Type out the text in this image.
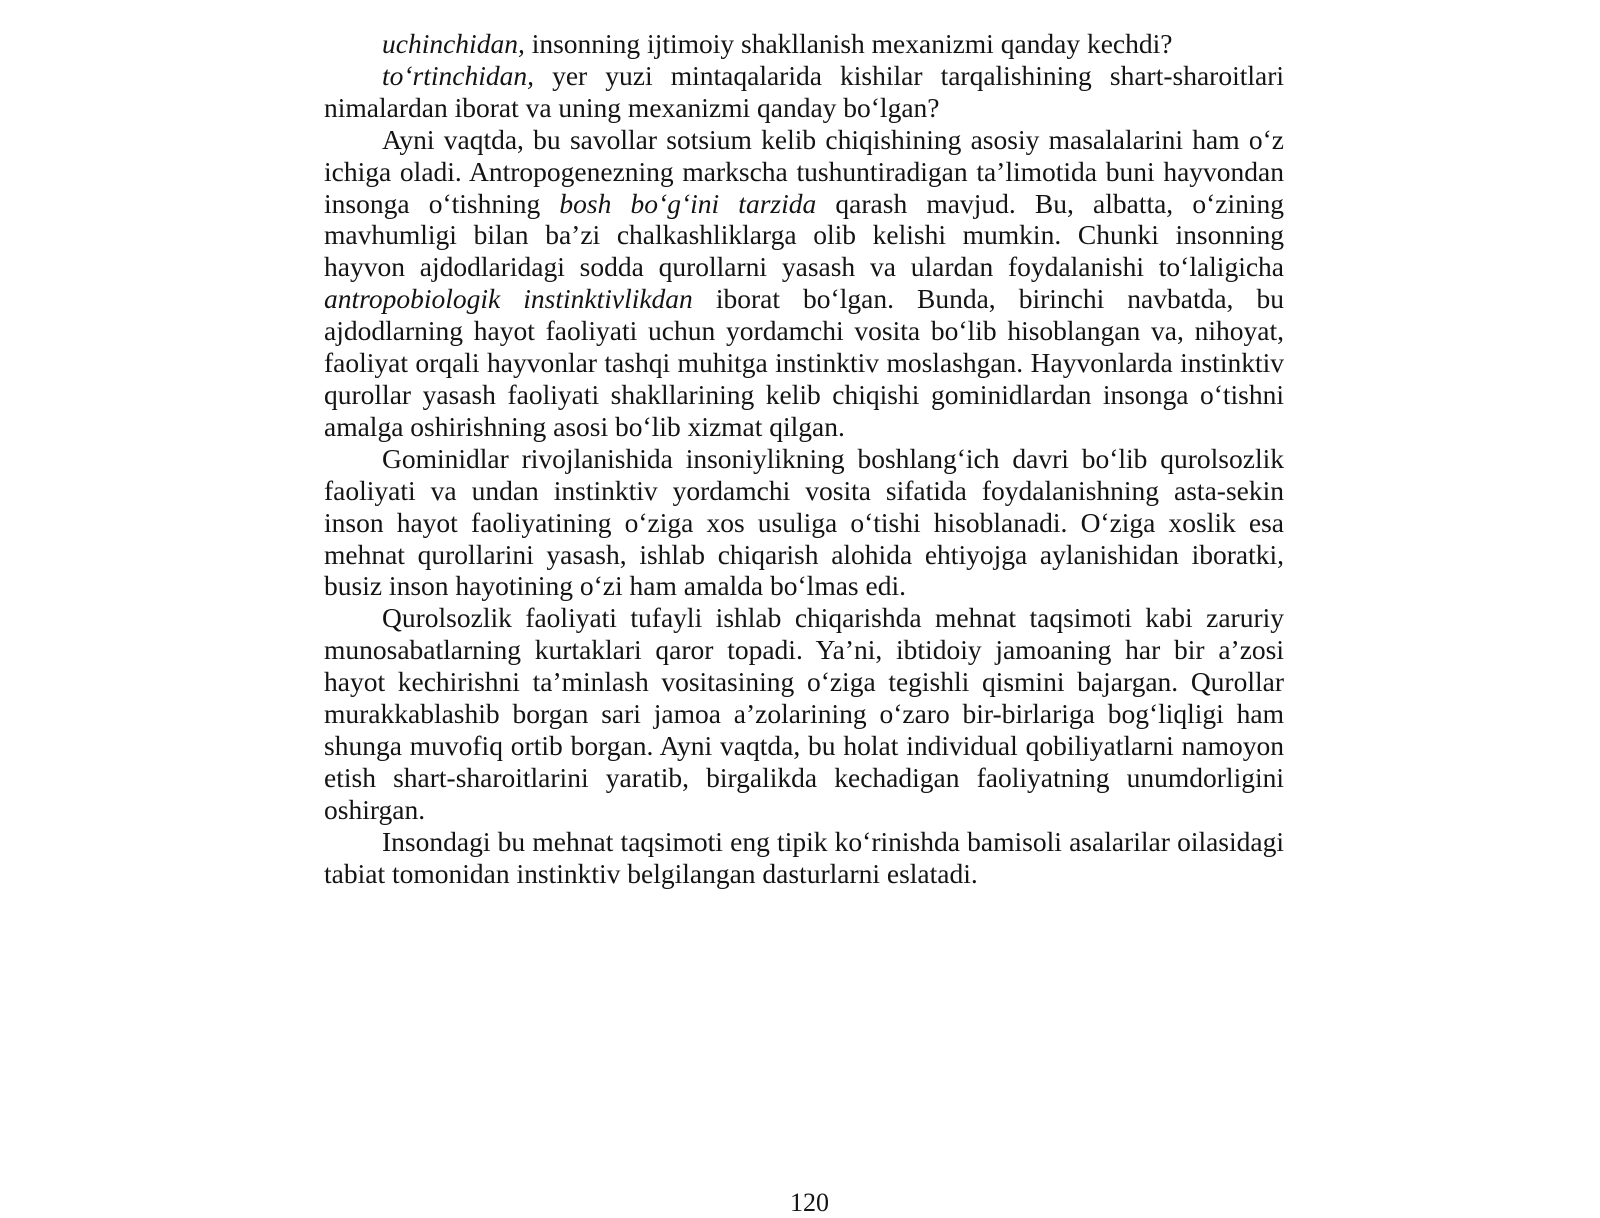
uchinchidan, insonning ijtimoiy shakllanish mexanizmi qanday kechdi?

to‘rtinchidan, yer yuzi mintaqalarida kishilar tarqalishining shart-sharoitlari nimalardan iborat va uning mexanizmi qanday bo‘lgan?

Ayni vaqtda, bu savollar sotsium kelib chiqishining asosiy masalalarini ham o‘z ichiga oladi. Antropogenezning markscha tushuntiradigan ta’limotida buni hayvondan insonga o‘tishning bosh bo‘g‘ini tarzida qarash mavjud. Bu, albatta, o‘zining mavhumligi bilan ba’zi chalkashliklarga olib kelishi mumkin. Chunki insonning hayvon ajdodlaridagi sodda qurollarni yasash va ulardan foydalanishi to‘laligicha antropobiologik instinktivlikdan iborat bo‘lgan. Bunda, birinchi navbatda, bu ajdodlarning hayot faoliyati uchun yordamchi vosita bo‘lib hisoblangan va, nihoyat, faoliyat orqali hayvonlar tashqi muhitga instinktiv moslashgan. Hayvonlarda instinktiv qurollar yasash faoliyati shakllarining kelib chiqishi gominidlardan insonga o‘tishni amalga oshirishning asosi bo‘lib xizmat qilgan.

Gominidlar rivojlanishida insoniylikning boshlang‘ich davri bo‘lib qurolsozlik faoliyati va undan instinktiv yordamchi vosita sifatida foydalanishning asta-sekin inson hayot faoliyatining o‘ziga xos usuliga o‘tishi hisoblanadi. O‘ziga xoslik esa mehnat qurollarini yasash, ishlab chiqarish alohida ehtiyojga aylanishidan iboratki, busiz inson hayotining o‘zi ham amalda bo‘lmas edi.

Qurolsozlik faoliyati tufayli ishlab chiqarishda mehnat taqsimoti kabi zaruriy munosabatlarning kurtaklari qaror topadi. Ya’ni, ibtidoiy jamoaning har bir a’zosi hayot kechirishni ta’minlash vositasining o‘ziga tegishli qismini bajargan. Qurollar murakkablashib borgan sari jamoa a’zolarining o‘zaro bir-birlariga bog‘liqligi ham shunga muvofiq ortib borgan. Ayni vaqtda, bu holat individual qobiliyatlarni namoyon etish shart-sharoitlarini yaratib, birgalikda kechadigan faoliyatning unumdorligini oshirgan.

Insondagi bu mehnat taqsimoti eng tipik ko‘rinishda bamisoli asalarilar oilasidagi tabiat tomonidan instinktiv belgilangan dasturlarni eslatadi.

120
